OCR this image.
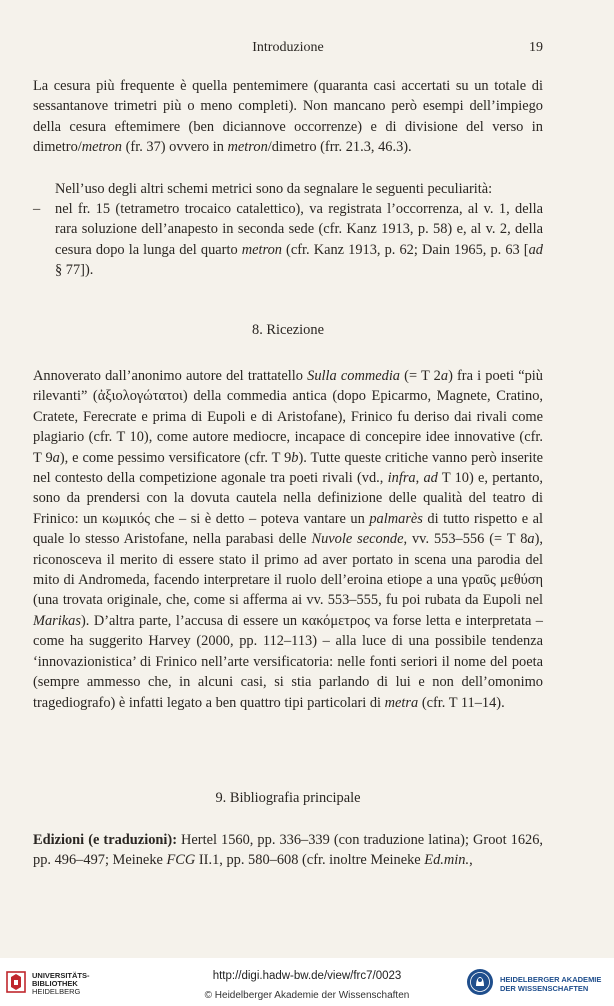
Introduzione	19
La cesura più frequente è quella pentemimere (quaranta casi accertati su un totale di sessantanove trimetri più o meno completi). Non mancano però esempi dell’impiego della cesura eftemimere (ben diciannove occorrenze) e di divisione del verso in dimetro/metron (fr. 37) ovvero in metron/dimetro (frr. 21.3, 46.3).
Nell’uso degli altri schemi metrici sono da segnalare le seguenti peculiarità:
– nel fr. 15 (tetrametro trocaico catalettico), va registrata l’occorrenza, al v. 1, della rara soluzione dell’anapesto in seconda sede (cfr. Kanz 1913, p. 58) e, al v. 2, della cesura dopo la lunga del quarto metron (cfr. Kanz 1913, p. 62; Dain 1965, p. 63 [ad § 77]).
8. Ricezione
Annoverato dall’anonimo autore del trattatello Sulla commedia (= T 2a) fra i poeti “più rilevanti” (ἀξιολογώτατοι) della commedia antica (dopo Epicarmo, Magnete, Cratino, Cratete, Ferecrate e prima di Eupoli e di Aristofane), Frinico fu deriso dai rivali come plagiario (cfr. T 10), come autore mediocre, incapace di concepire idee innovative (cfr. T 9a), e come pessimo versificatore (cfr. T 9b). Tutte queste critiche vanno però inserite nel contesto della competizione agonale tra poeti rivali (vd., infra, ad T 10) e, pertanto, sono da prendersi con la dovuta cautela nella definizione delle qualità del teatro di Frinico: un κωμικός che – si è detto – poteva vantare un palmarès di tutto rispetto e al quale lo stesso Aristofane, nella parabasi delle Nuvole seconde, vv. 553–556 (= T 8a), riconosceva il merito di essere stato il primo ad aver portato in scena una parodia del mito di Andromeda, facendo interpretare il ruolo dell’eroina etiope a una γραῦς μεθύση (una trovata originale, che, come si afferma ai vv. 553–555, fu poi rubata da Eupoli nel Marikas). D’altra parte, l’accusa di essere un κακόμετρος va forse letta e interpretata – come ha suggerito Harvey (2000, pp. 112–113) – alla luce di una possibile tendenza ‘innovazionistica’ di Frinico nell’arte versificatoria: nelle fonti seriori il nome del poeta (sempre ammesso che, in alcuni casi, si stia parlando di lui e non dell’omonimo tragediografo) è infatti legato a ben quattro tipi particolari di metra (cfr. T 11–14).
9. Bibliografia principale
Edizioni (e traduzioni): Hertel 1560, pp. 336–339 (con traduzione latina); Groot 1626, pp. 496–497; Meineke FCG II.1, pp. 580–608 (cfr. inoltre Meineke Ed.min.,
UNIVERSITÄTS-
BIBLIOTHEK
HEIDELBERG
http://digi.hadw-bw.de/view/frc7/0023
© Heidelberger Akademie der Wissenschaften
HEIDELBERGER AKADEMIE
DER WISSENSCHAFTEN
